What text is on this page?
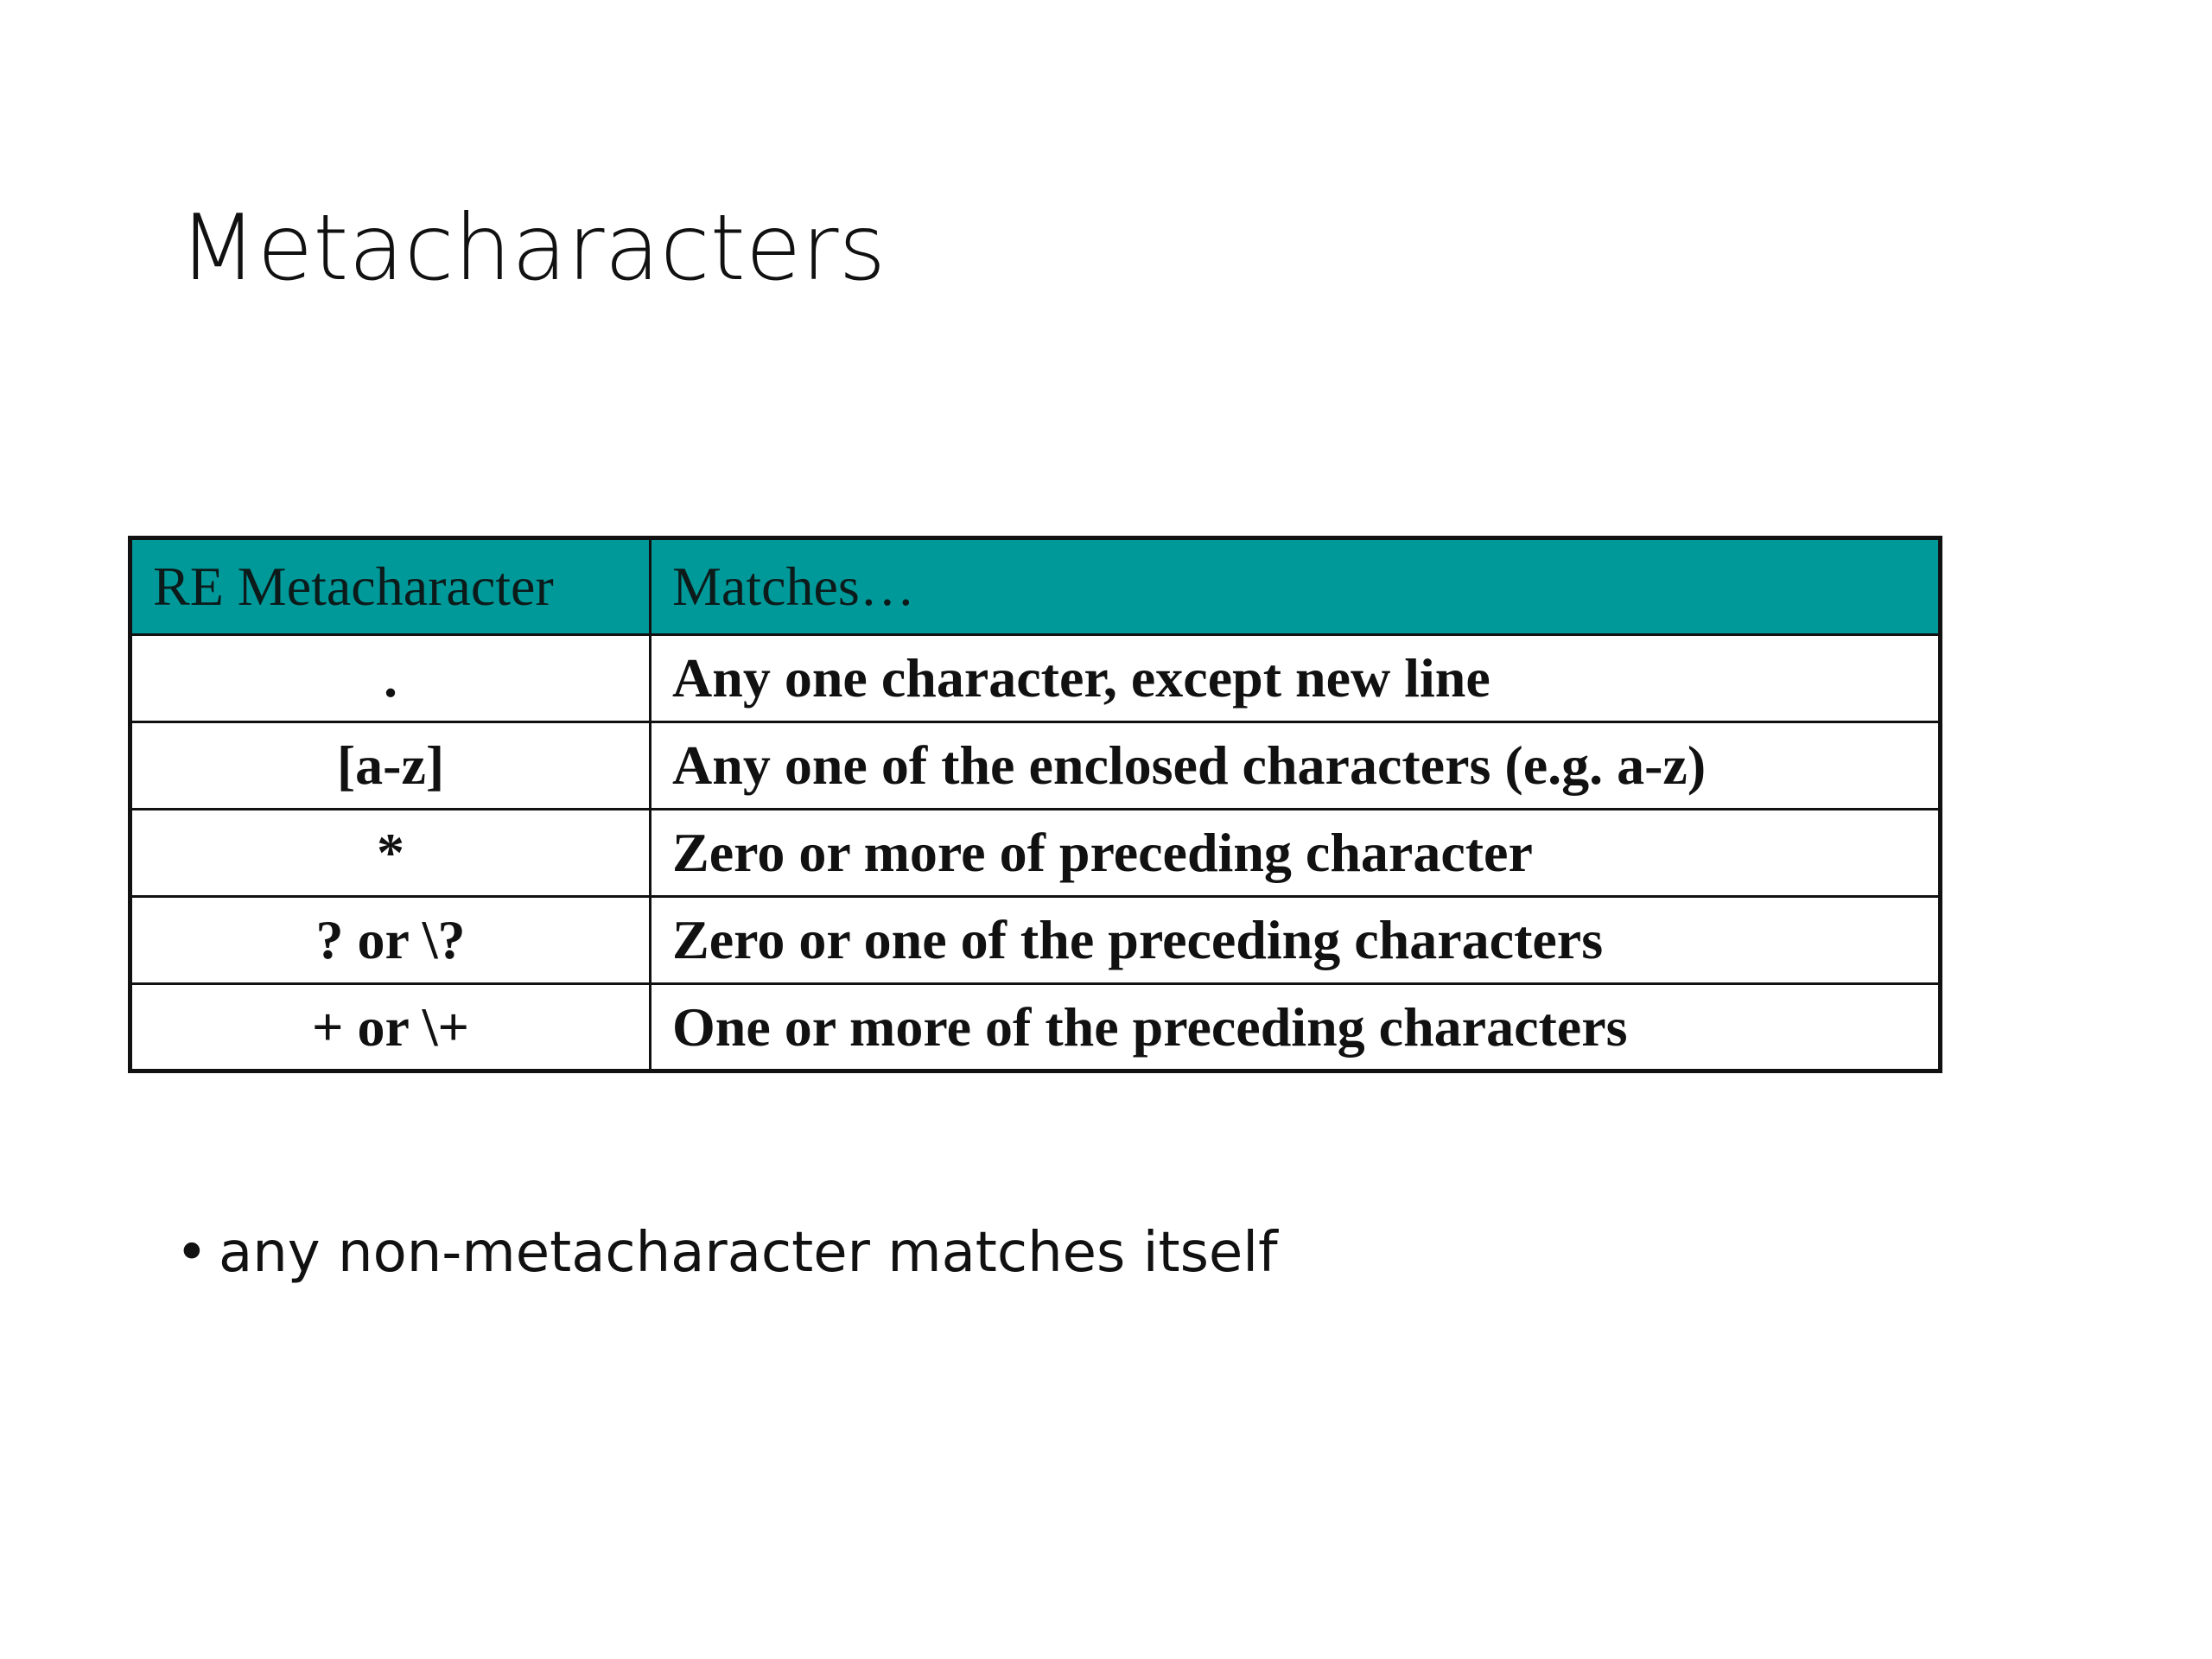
Metacharacters
RE Metacharacter	Matches…
.	Any one character, except new line
[a-z]	Any one of the enclosed characters (e.g. a-z)
*	Zero or more of preceding character
? or \?	Zero or one of the preceding characters
+ or \+	One or more of the preceding characters
• any non-metacharacter matches itself
